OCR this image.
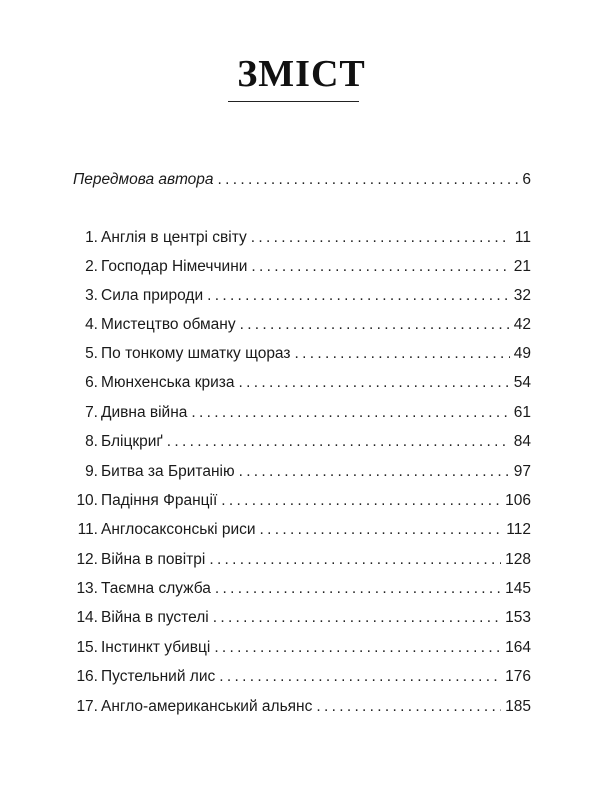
ЗМІСТ
Передмова автора . . .	6
1. Англія в центрі світу . . .	11
2. Господар Німеччини . . .	21
3. Сила природи . . .	32
4. Мистецтво обману . . .	42
5. По тонкому шматку щораз . . .	49
6. Мюнхенська криза . . .	54
7. Дивна війна . . .	61
8. Бліцкриґ . . .	84
9. Битва за Британію . . .	97
10. Падіння Франції . . .	106
11. Англосаксонські риси . . .	112
12. Війна в повітрі . . .	128
13. Таємна служба . . .	145
14. Війна в пустелі . . .	153
15. Інстинкт убивці . . .	164
16. Пустельний лис . . .	176
17. Англо-американський альянс . . .	185
